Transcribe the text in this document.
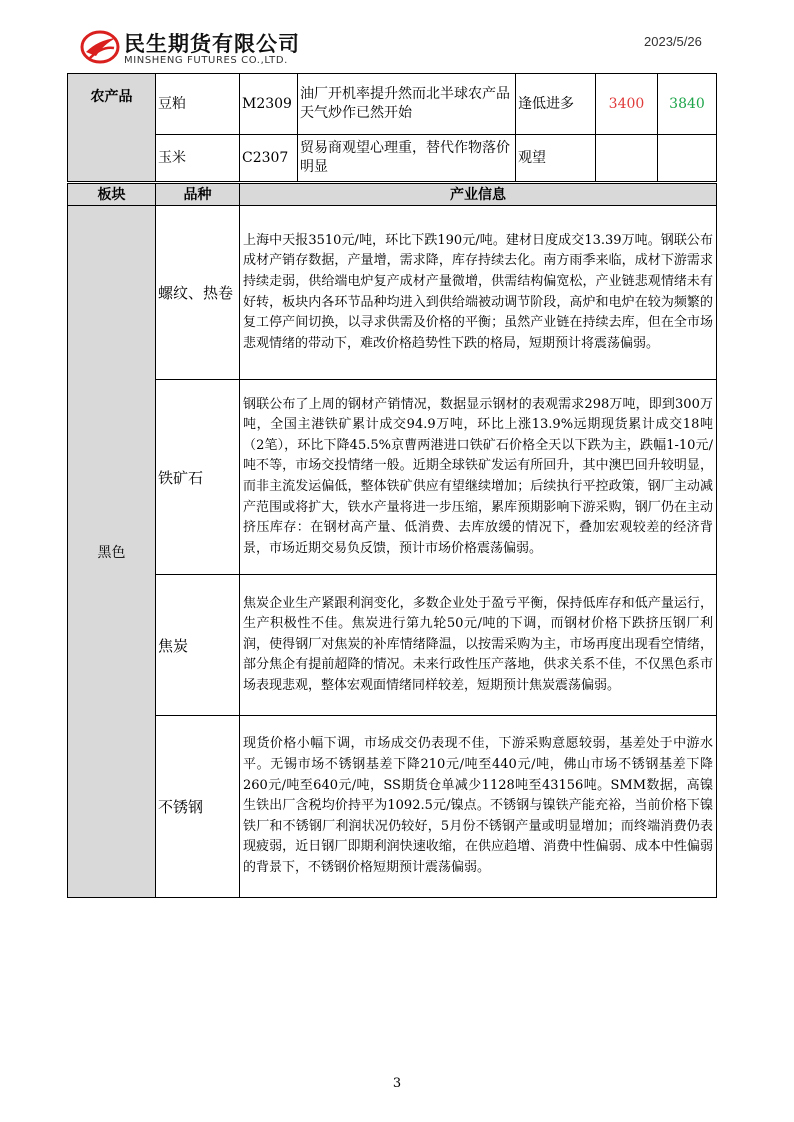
民生期货有限公司
MINSHENG FUTURES CO.,LTD.
2023/5/26
农产品	豆粕	M2309	油厂开机率提升然而北半球农产品天气炒作已然开始	逢低进多	3400	3840
	玉米	C2307	贸易商观望心理重，替代作物落价明显	观望		
板块	品种	产业信息
黑色	螺纹、热卷	上海中天报3510元/吨，环比下跌190元/吨。建材日度成交13.39万吨。钢联公布成材产销存数据，产量增，需求降，库存持续去化。南方雨季来临，成材下游需求持续走弱，供给端电炉复产成材产量微增，供需结构偏宽松，产业链悲观情绪未有好转，板块内各环节品种均进入到供给端被动调节阶段，高炉和电炉在较为频繁的复工停产间切换，以寻求供需及价格的平衡；虽然产业链在持续去库，但在全市场悲观情绪的带动下，难改价格趋势性下跌的格局，短期预计将震荡偏弱。
	铁矿石	钢联公布了上周的钢材产销情况，数据显示钢材的表观需求298万吨，即到300万吨，全国主港铁矿累计成交94.9万吨，环比上涨13.9%远期现货累计成交18吨（2笔），环比下降45.5%京曹两港进口铁矿石价格全天以下跌为主，跌幅1-10元/吨不等，市场交投情绪一般。近期全球铁矿发运有所回升，其中澳巴回升较明显，而非主流发运偏低，整体铁矿供应有望继续增加；后续执行平控政策，钢厂主动减产范围或将扩大，铁水产量将进一步压缩，累库预期影响下游采购，钢厂仍在主动挤压库存：在钢材高产量、低消费、去库放缓的情况下，叠加宏观较差的经济背景，市场近期交易负反馈，预计市场价格震荡偏弱。
	焦炭	焦炭企业生产紧跟利润变化，多数企业处于盈亏平衡，保持低库存和低产量运行，生产积极性不佳。焦炭进行第九轮50元/吨的下调，而钢材价格下跌挤压钢厂利润，使得钢厂对焦炭的补库情绪降温，以按需采购为主，市场再度出现看空情绪，部分焦企有提前超降的情况。未来行政性压产落地，供求关系不佳，不仅黑色系市场表现悲观，整体宏观面情绪同样较差，短期预计焦炭震荡偏弱。
	不锈钢	现货价格小幅下调，市场成交仍表现不佳，下游采购意愿较弱，基差处于中游水平。无锡市场不锈钢基差下降210元/吨至440元/吨，佛山市场不锈钢基差下降260元/吨至640元/吨，SS期货仓单减少1128吨至43156吨。SMM数据，高镍生铁出厂含税均价持平为1092.5元/镍点。不锈钢与镍铁产能充裕，当前价格下镍铁厂和不锈钢厂利润状况仍较好，5月份不锈钢产量或明显增加；而终端消费仍表现疲弱，近日钢厂即期利润快速收缩，在供应趋增、消费中性偏弱、成本中性偏弱的背景下，不锈钢价格短期预计震荡偏弱。
3
